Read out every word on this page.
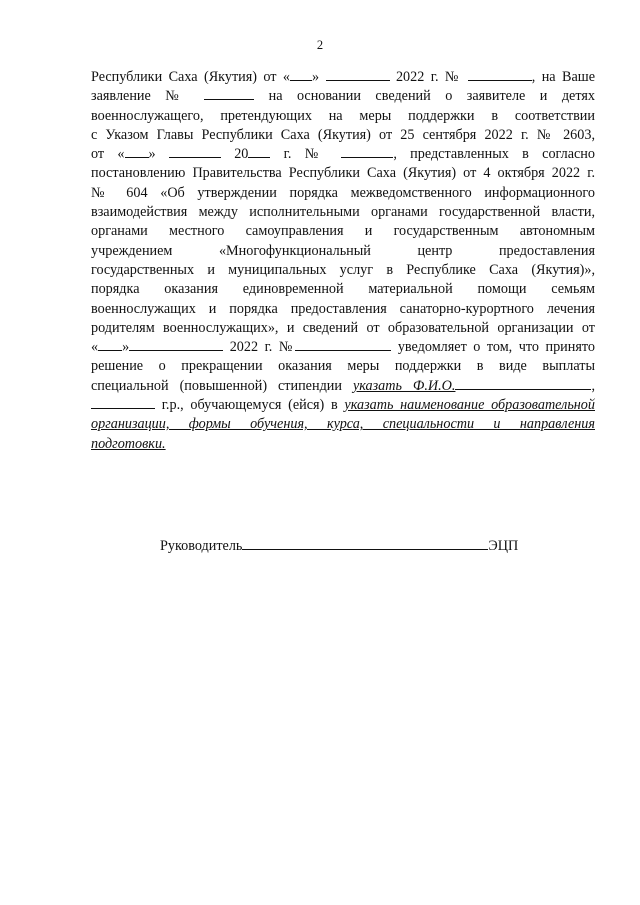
2
Республики Саха (Якутия) от « »	2022 г. №	, на Ваше
заявление №	на основании сведений о заявителе и детях
военнослужащего, претендующих на меры поддержки в соответствии
с Указом Главы Республики Саха (Якутия) от 25 сентября 2022 г. № 2603,
от « »	20 г. №	, представленных в согласно
постановлению Правительства Республики Саха (Якутия) от 4 октября 2022 г.
№ 604 «Об утверждении порядка межведомственного информационного
взаимодействия между исполнительными органами государственной власти,
органами местного самоуправления и государственным автономным
учреждением «Многофункциональный центр предоставления
государственных и муниципальных услуг в Республике Саха (Якутия)»,
порядка оказания единовременной материальной помощи семьям
военнослужащих и порядка предоставления санаторно-курортного лечения
родителям военнослужащих», и сведений от образовательной организации от
« »	2022 г. №	уведомляет о том, что принято
решение о прекращении оказания меры поддержки в виде выплаты
специальной (повышенной) стипендии указать Ф.И.О.	,
г.р., обучающемуся (ейся) в указать наименование образовательной
организации, формы обучения, курса, специальности и направления
подготовки.
Руководитель	ЭЦП
